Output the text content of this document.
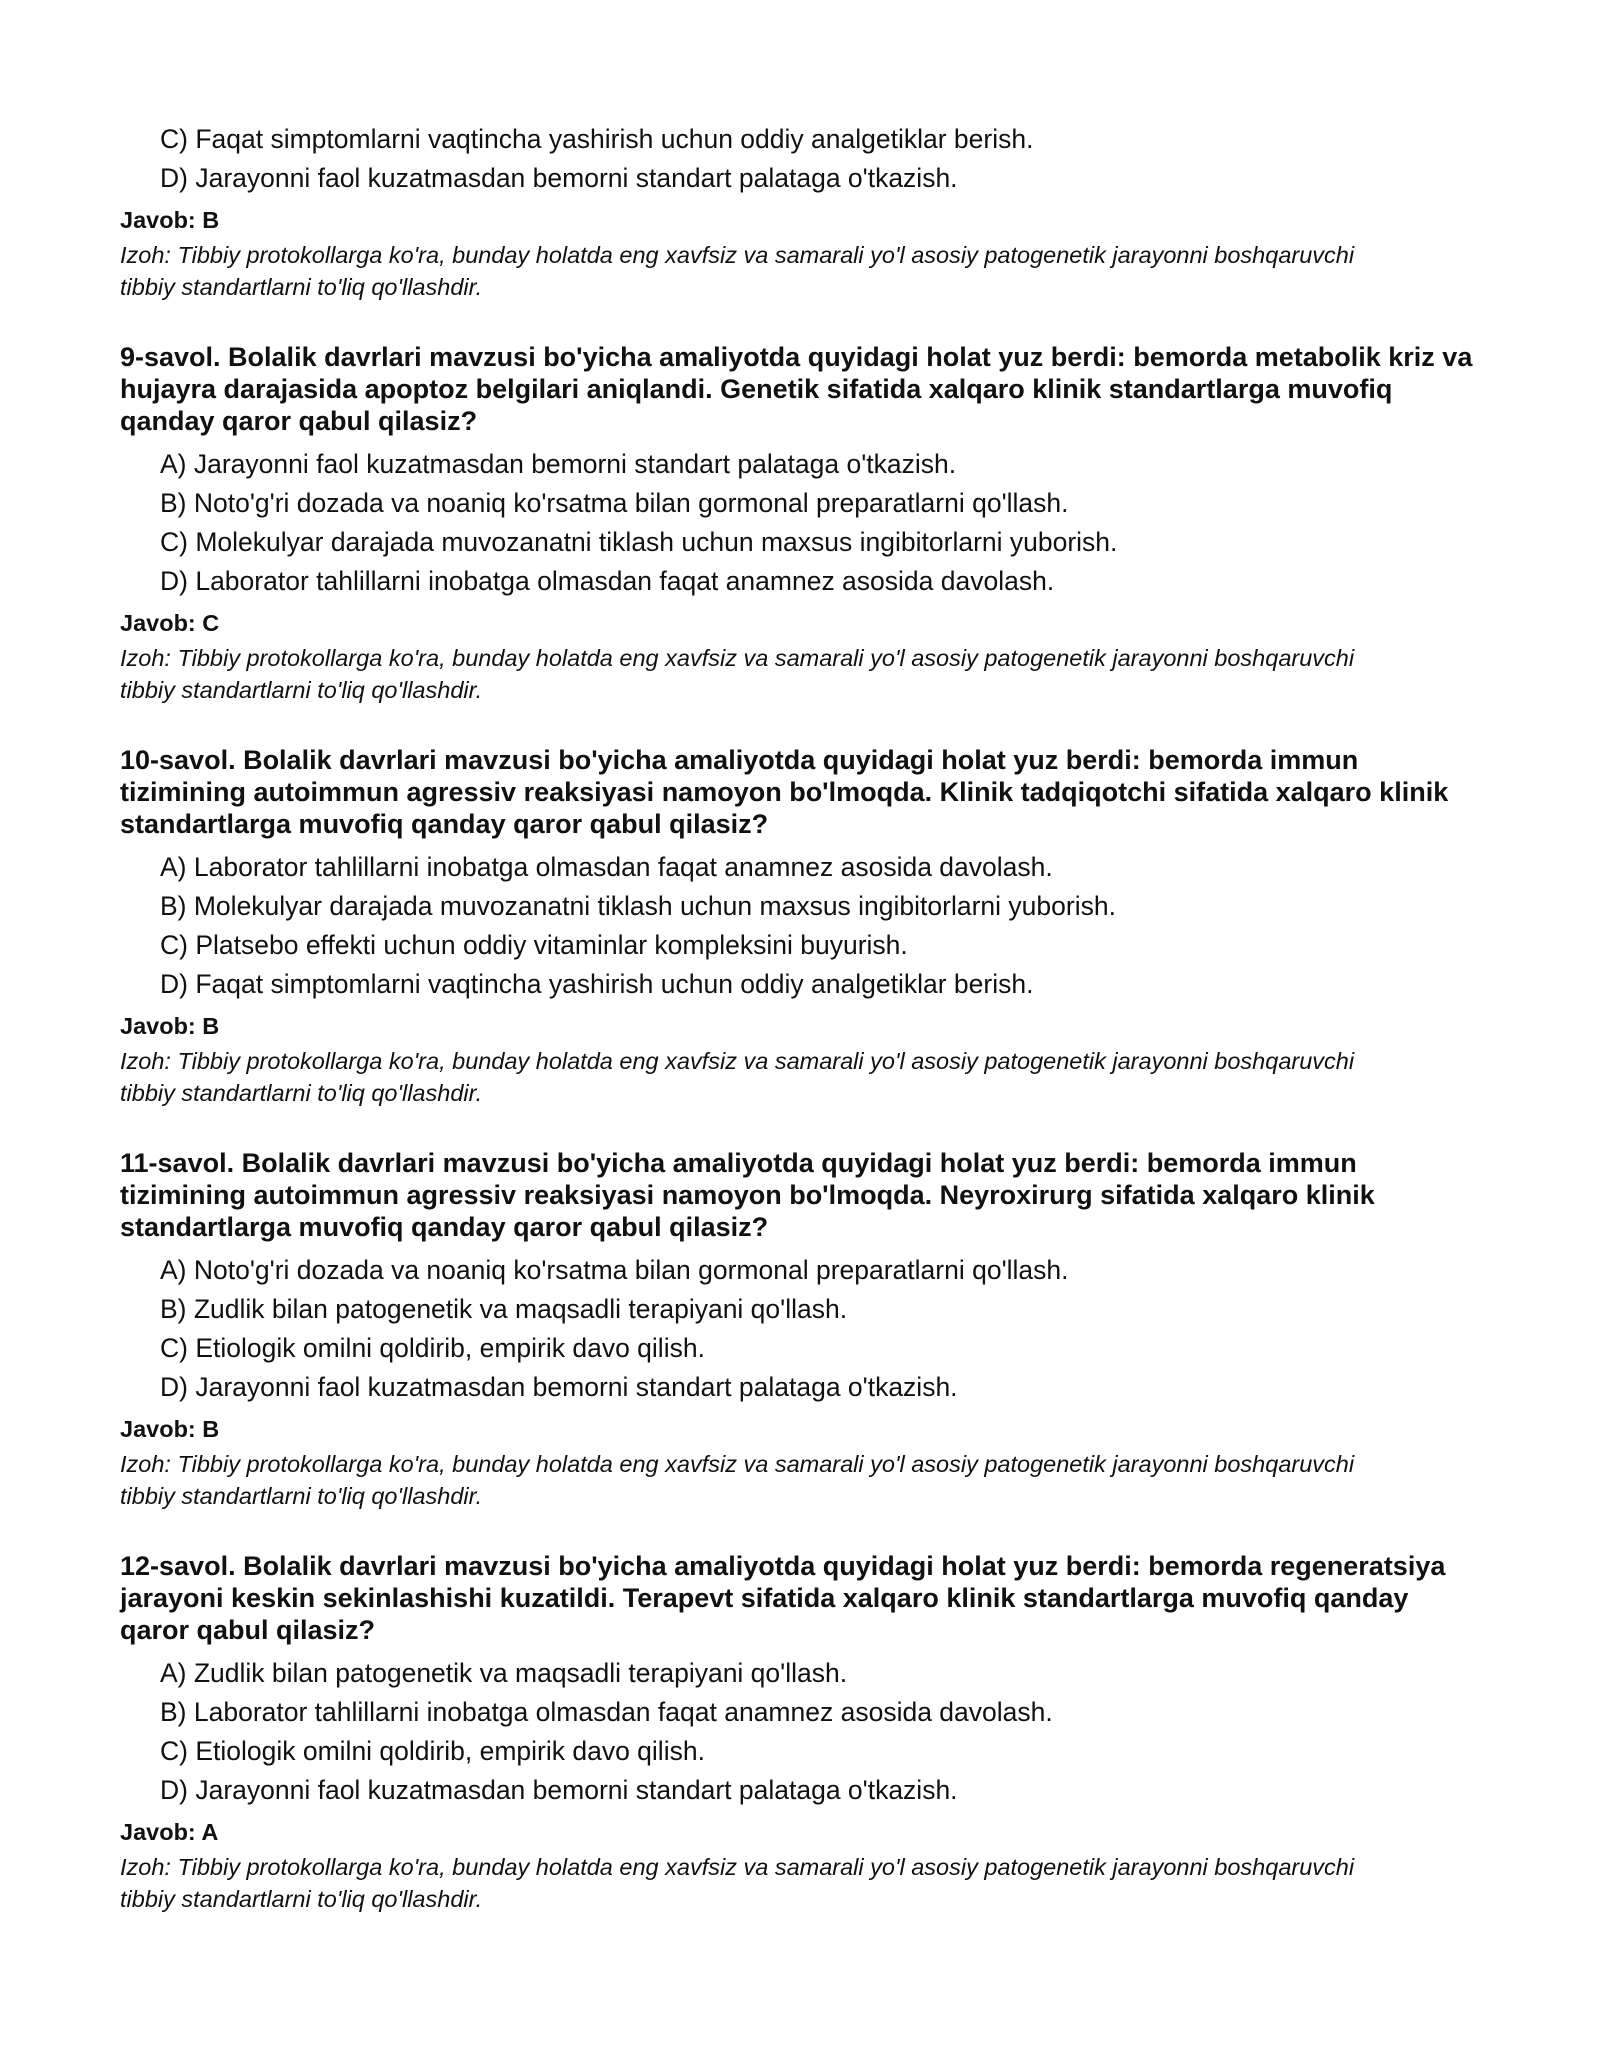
C) Faqat simptomlarni vaqtincha yashirish uchun oddiy analgetiklar berish.
D) Jarayonni faol kuzatmasdan bemorni standart palataga o'tkazish.
Javob: B
Izoh: Tibbiy protokollarga ko'ra, bunday holatda eng xavfsiz va samarali yo'l asosiy patogenetik jarayonni boshqaruvchi tibbiy standartlarni to'liq qo'llashdir.
9-savol. Bolalik davrlari mavzusi bo'yicha amaliyotda quyidagi holat yuz berdi: bemorda metabolik kriz va hujayra darajasida apoptoz belgilari aniqlandi. Genetik sifatida xalqaro klinik standartlarga muvofiq qanday qaror qabul qilasiz?
A) Jarayonni faol kuzatmasdan bemorni standart palataga o'tkazish.
B) Noto'g'ri dozada va noaniq ko'rsatma bilan gormonal preparatlarni qo'llash.
C) Molekulyar darajada muvozanatni tiklash uchun maxsus ingibitorlarni yuborish.
D) Laborator tahlillarni inobatga olmasdan faqat anamnez asosida davolash.
Javob: C
Izoh: Tibbiy protokollarga ko'ra, bunday holatda eng xavfsiz va samarali yo'l asosiy patogenetik jarayonni boshqaruvchi tibbiy standartlarni to'liq qo'llashdir.
10-savol. Bolalik davrlari mavzusi bo'yicha amaliyotda quyidagi holat yuz berdi: bemorda immun tizimining autoimmun agressiv reaksiyasi namoyon bo'lmoqda. Klinik tadqiqotchi sifatida xalqaro klinik standartlarga muvofiq qanday qaror qabul qilasiz?
A) Laborator tahlillarni inobatga olmasdan faqat anamnez asosida davolash.
B) Molekulyar darajada muvozanatni tiklash uchun maxsus ingibitorlarni yuborish.
C) Platsebo effekti uchun oddiy vitaminlar kompleksini buyurish.
D) Faqat simptomlarni vaqtincha yashirish uchun oddiy analgetiklar berish.
Javob: B
Izoh: Tibbiy protokollarga ko'ra, bunday holatda eng xavfsiz va samarali yo'l asosiy patogenetik jarayonni boshqaruvchi tibbiy standartlarni to'liq qo'llashdir.
11-savol. Bolalik davrlari mavzusi bo'yicha amaliyotda quyidagi holat yuz berdi: bemorda immun tizimining autoimmun agressiv reaksiyasi namoyon bo'lmoqda. Neyroxirurg sifatida xalqaro klinik standartlarga muvofiq qanday qaror qabul qilasiz?
A) Noto'g'ri dozada va noaniq ko'rsatma bilan gormonal preparatlarni qo'llash.
B) Zudlik bilan patogenetik va maqsadli terapiyani qo'llash.
C) Etiologik omilni qoldirib, empirik davo qilish.
D) Jarayonni faol kuzatmasdan bemorni standart palataga o'tkazish.
Javob: B
Izoh: Tibbiy protokollarga ko'ra, bunday holatda eng xavfsiz va samarali yo'l asosiy patogenetik jarayonni boshqaruvchi tibbiy standartlarni to'liq qo'llashdir.
12-savol. Bolalik davrlari mavzusi bo'yicha amaliyotda quyidagi holat yuz berdi: bemorda regeneratsiya jarayoni keskin sekinlashishi kuzatildi. Terapevt sifatida xalqaro klinik standartlarga muvofiq qanday qaror qabul qilasiz?
A) Zudlik bilan patogenetik va maqsadli terapiyani qo'llash.
B) Laborator tahlillarni inobatga olmasdan faqat anamnez asosida davolash.
C) Etiologik omilni qoldirib, empirik davo qilish.
D) Jarayonni faol kuzatmasdan bemorni standart palataga o'tkazish.
Javob: A
Izoh: Tibbiy protokollarga ko'ra, bunday holatda eng xavfsiz va samarali yo'l asosiy patogenetik jarayonni boshqaruvchi tibbiy standartlarni to'liq qo'llashdir.
